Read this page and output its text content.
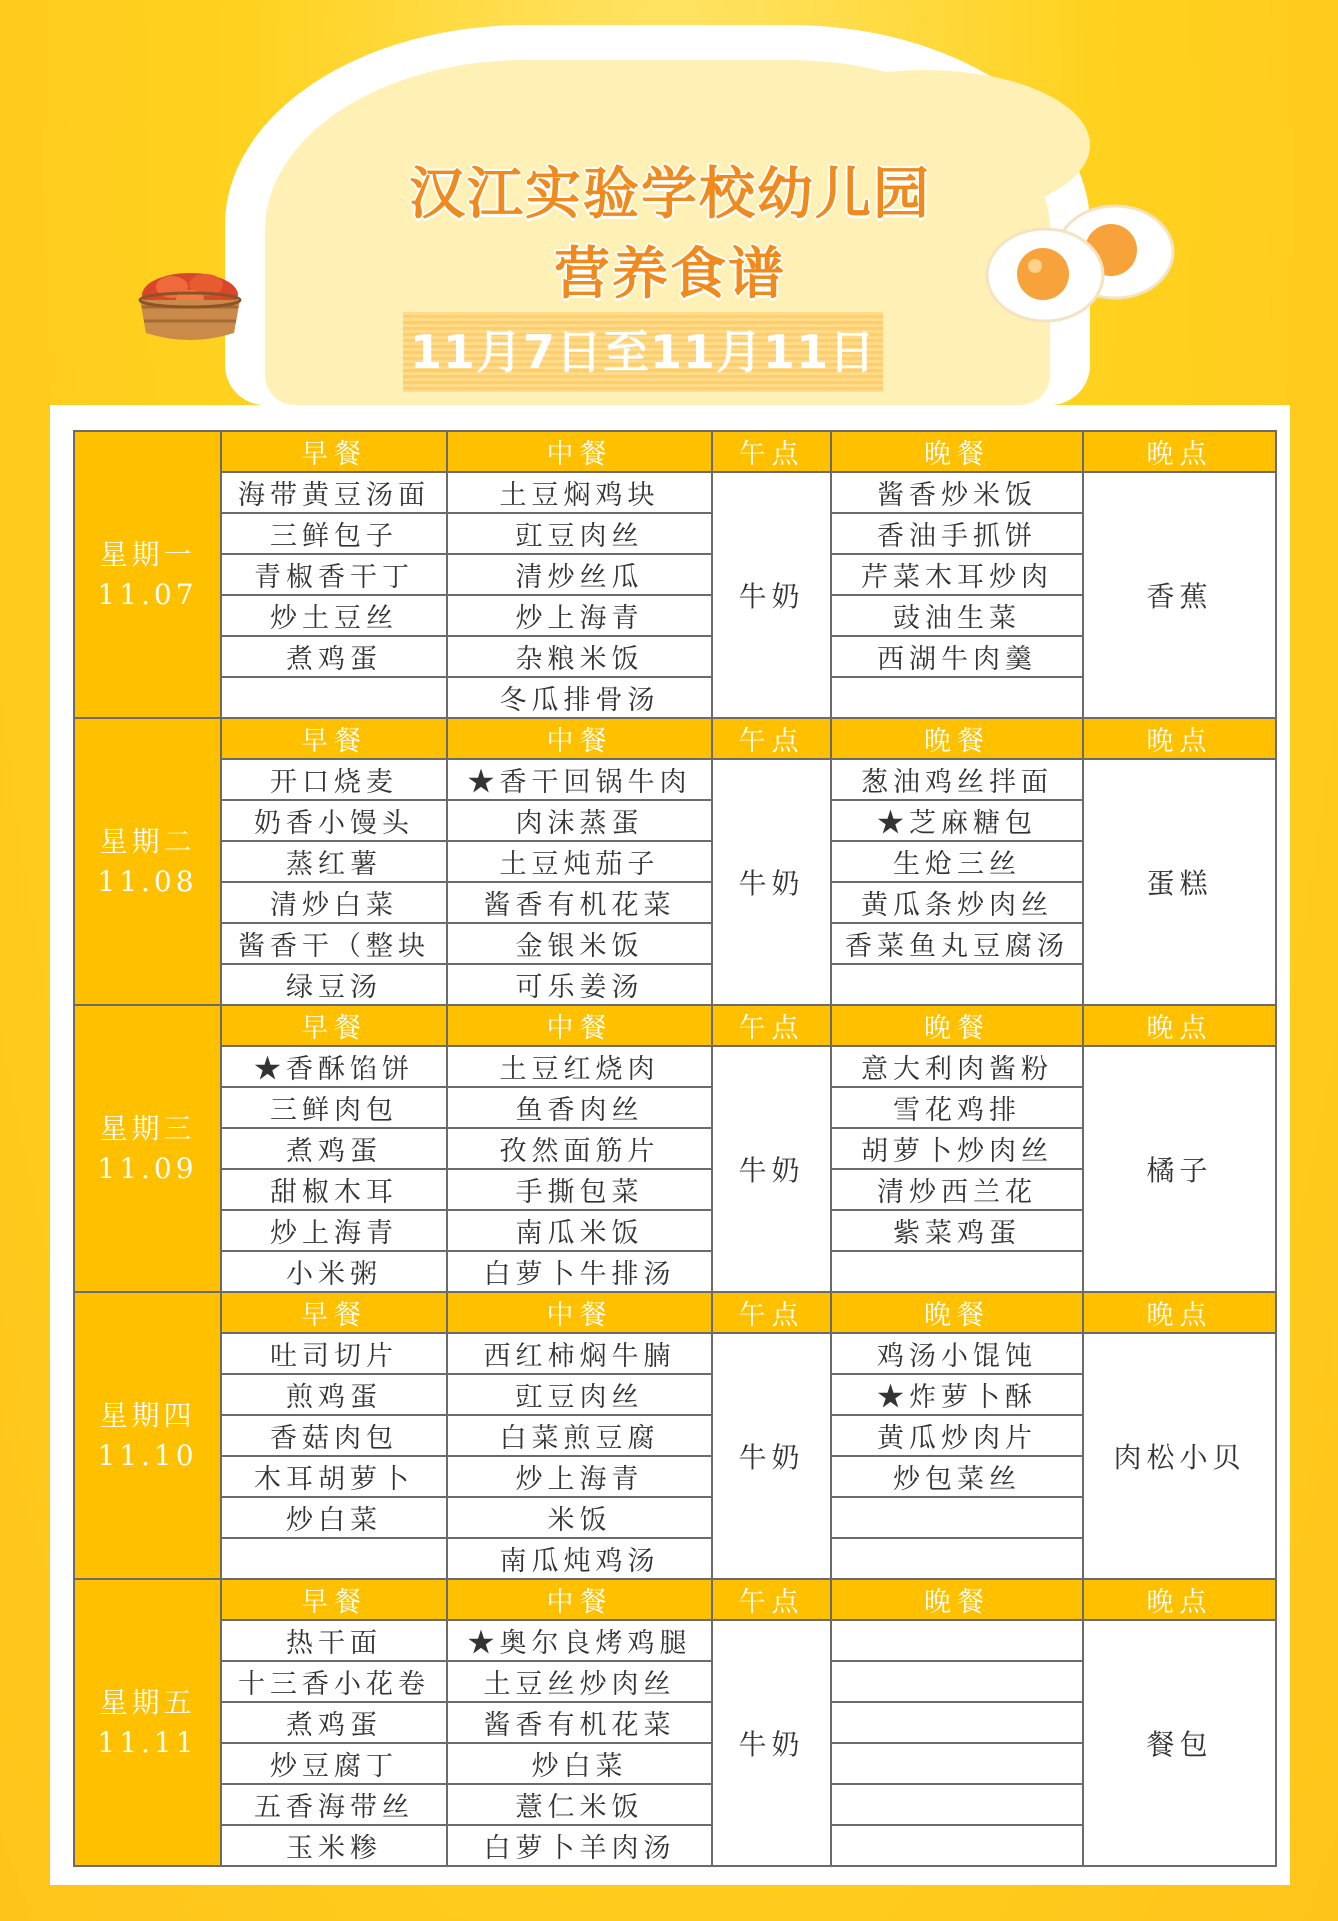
汉江实验学校幼儿园
营养食谱
11月7日至11月11日
星期一
11.07	早餐	中餐	午点	晚餐	晚点
	海带黄豆汤面	土豆焖鸡块	牛奶	酱香炒米饭	香蕉
	三鲜包子	豇豆肉丝		香油手抓饼	
	青椒香干丁	清炒丝瓜		芹菜木耳炒肉	
	炒土豆丝	炒上海青		豉油生菜	
	煮鸡蛋	杂粮米饭		西湖牛肉羹	
		冬瓜排骨汤			

星期二
11.08	早餐	中餐	午点	晚餐	晚点
	开口烧麦	★香干回锅牛肉	牛奶	葱油鸡丝拌面	蛋糕
	奶香小馒头	肉沫蒸蛋		★芝麻糖包	
	蒸红薯	土豆炖茄子		生炝三丝	
	清炒白菜	酱香有机花菜		黄瓜条炒肉丝	
	酱香干（整块	金银米饭		香菜鱼丸豆腐汤	
	绿豆汤	可乐姜汤			

星期三
11.09	早餐	中餐	午点	晚餐	晚点
	★香酥馅饼	土豆红烧肉	牛奶	意大利肉酱粉	橘子
	三鲜肉包	鱼香肉丝		雪花鸡排	
	煮鸡蛋	孜然面筋片		胡萝卜炒肉丝	
	甜椒木耳	手撕包菜		清炒西兰花	
	炒上海青	南瓜米饭		紫菜鸡蛋	
	小米粥	白萝卜牛排汤			

星期四
11.10	早餐	中餐	午点	晚餐	晚点
	吐司切片	西红柿焖牛腩	牛奶	鸡汤小馄饨	肉松小贝
	煎鸡蛋	豇豆肉丝		★炸萝卜酥	
	香菇肉包	白菜煎豆腐		黄瓜炒肉片	
	木耳胡萝卜	炒上海青		炒包菜丝	
	炒白菜	米饭			
		南瓜炖鸡汤			

星期五
11.11	早餐	中餐	午点	晚餐	晚点
	热干面	★奥尔良烤鸡腿	牛奶		餐包
	十三香小花卷	土豆丝炒肉丝			
	煮鸡蛋	酱香有机花菜			
	炒豆腐丁	炒白菜			
	五香海带丝	薏仁米饭			
	玉米糁	白萝卜羊肉汤			
